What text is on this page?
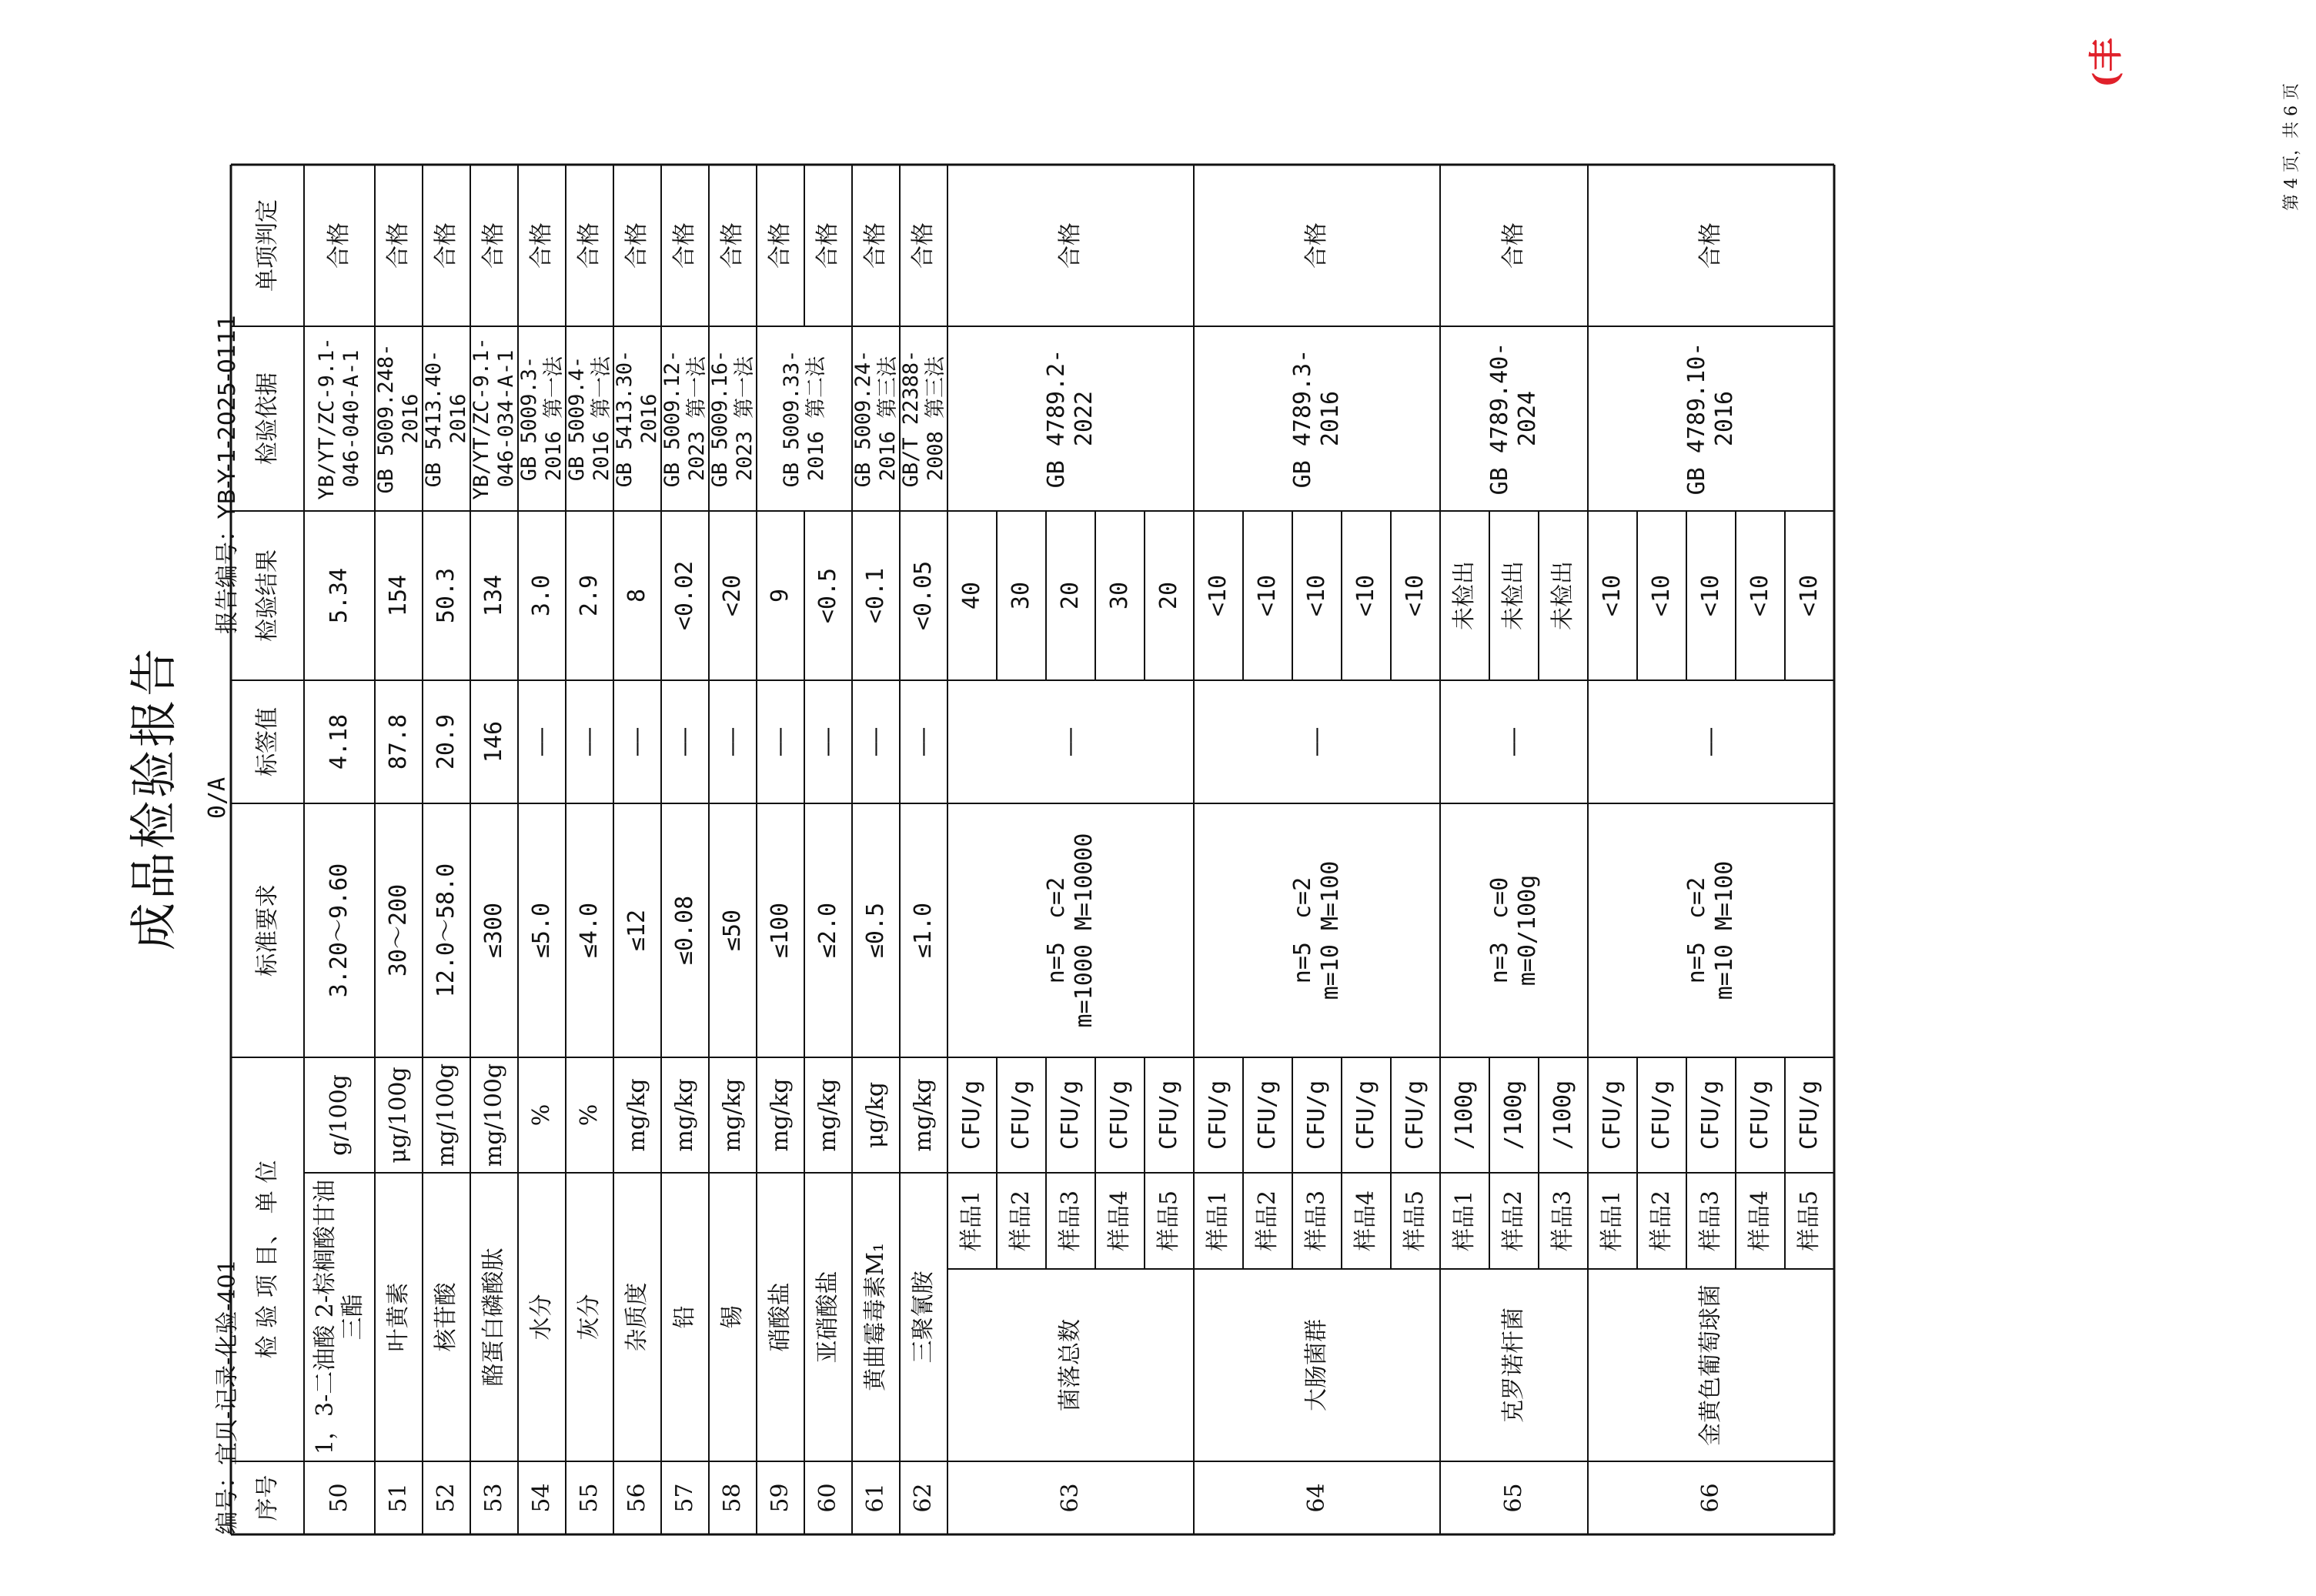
成品检验报告 0/A
编号：宜贝-记录-化验-401
报告编号：YB-Y-1-2025-0111
(丰
序号
检 验 项 目、 单 位
标准要求
标签值
检验结果
检验依据
单项判定
50
1，3-二油酸 2-棕榈酸甘油三酯
g/100g
3.20～9.60
4.18
5.34
YB/YT/ZC-9.1-046-040-A-1
合格
51
叶黄素
μg/100g
30～200
87.8
154
GB 5009.248-2016
合格
52
核苷酸
mg/100g
12.0～58.0
20.9
50.3
GB 5413.40-2016
合格
53
酪蛋白磷酸肽
mg/100g
≤300
146
134
YB/YT/ZC-9.1-046-034-A-1
合格
54
水分
%
≤5.0
——
3.0
GB 5009.3-2016 第一法
合格
55
灰分
%
≤4.0
——
2.9
GB 5009.4-2016 第一法
合格
56
杂质度
mg/kg
≤12
——
8
GB 5413.30-2016
合格
57
铅
mg/kg
≤0.08
——
<0.02
GB 5009.12-2023 第一法
合格
58
锡
mg/kg
≤50
——
<20
GB 5009.16-2023 第一法
合格
59
硝酸盐
mg/kg
≤100
——
9
GB 5009.33-2016 第二法
合格
60
亚硝酸盐
mg/kg
≤2.0
——
<0.5
合格
61
黄曲霉毒素M₁
μg/kg
≤0.5
——
<0.1
GB 5009.24-2016 第三法
合格
62
三聚氰胺
mg/kg
≤1.0
——
<0.05
GB/T 22388-2008 第三法
合格
63
菌落总数
样品1
CFU/g
40
样品2
CFU/g
30
样品3
CFU/g
20
样品4
CFU/g
30
样品5
CFU/g
20
n=5　c=2 m=1000 M=10000
——
GB 4789.2-2022
合格
64
大肠菌群
样品1
CFU/g
<10
样品2
CFU/g
<10
样品3
CFU/g
<10
样品4
CFU/g
<10
样品5
CFU/g
<10
n=5　c=2 m=10 M=100
——
GB 4789.3-2016
合格
65
克罗诺杆菌
样品1
/100g
未检出
样品2
/100g
未检出
样品3
/100g
未检出
n=3　c=0 m=0/100g
——
GB 4789.40-2024
合格
66
金黄色葡萄球菌
样品1
CFU/g
<10
样品2
CFU/g
<10
样品3
CFU/g
<10
样品4
CFU/g
<10
样品5
CFU/g
<10
n=5　c=2 m=10 M=100
——
GB 4789.10-2016
合格
第 4 页，共 6 页
